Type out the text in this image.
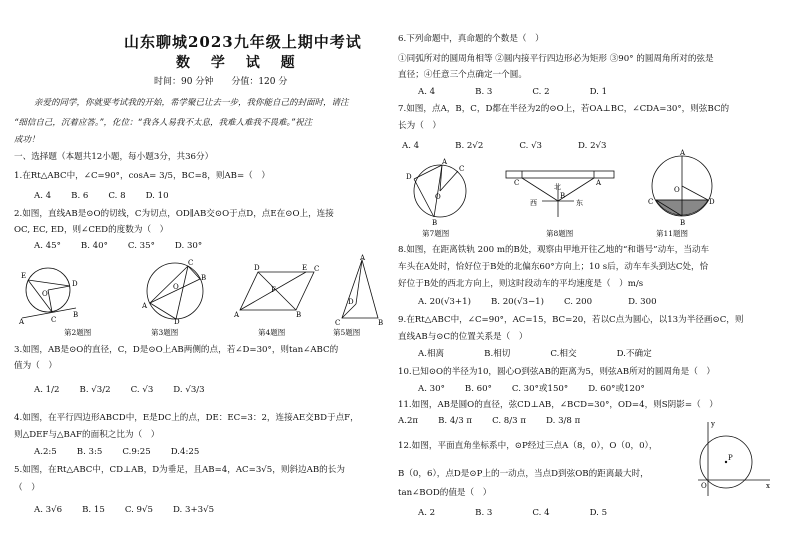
山东聊城2023九年级上期中考试
数 学 试 题
时间：90 分钟　　分值：120 分
亲爱的同学，你就要考试我的开始，希学聚已让去一步，我你能自己的封面时，请注
“细信自己，沉着应答。”，化位：“我各人易我不太息，我难人难我不畏难。”祝注
成功！
一、选择题（本题共12小题，每小题3分，共36分）
1.在Rt△ABC中，∠C=90°，cosA= 3/5，BC=8，则AB=（　）
A. 4 B. 6 C. 8 D. 10
2.如图，直线AB是⊙O的切线，C为切点，OD∥AB交⊙O于点D，点E在⊙O上，连接
OC, EC, ED，则∠CED的度数为（　）
A. 45° B. 40° C. 35° D. 30°
E
D
O
C
A
B
第2题图
A
B
C
D
O
第3题图
D	E C
F
A	B
第4题图
A
D
C	B
第5题图
3.如图，AB是⊙O的直径，C，D是⊙O上AB两侧的点，若∠D=30°，则tan∠ABC的
值为（　）
A. 1/2 B. √3/2 C. √3 D. √3/3
4.如图，在平行四边形ABCD中，E是DC上的点，DE：EC=3：2，连接AE交BD于点F，
则△DEF与△BAF的面积之比为（　）
A.2:5 B. 3:5 C.9:25 D.4:25
5.如图，在Rt△ABC中，CD⊥AB，D为垂足，且AB=4，AC=3√5，则斜边AB的长为
（　）
A. 3√6 B. 15 C. 9√5 D. 3+3√5
6.下列命题中，真命题的个数是（　）
①同弧所对的圆周角相等 ②圆内接平行四边形必为矩形 ③90° 的圆周角所对的弦是
直径；④任意三个点确定一个圆。
A. 4	B. 3	C. 2	D. 1
7.如图，点A，B，C，D都在半径为2的⊙O上，若OA⊥BC，∠CDA=30°，则弦BC的
长为（　）
A. 4	B. 2√2	C. √3	D. 2√3
D
A
C
O
B
第7题图
C	A
B
北
西	东
第8题图
A
O
C	D
B
第11题图
8.如图，在距离铁轨 200 m的B处，观察由甲地开往乙地的“和谐号”动车，当动车
车头在A处时，恰好位于B处的北偏东60°方向上；10 s后，动车车头到达C处，恰
好位于B处的西北方向上，则这时段动车的平均速度是（　）m/s
A. 20(√3+1) B. 20(√3−1) C. 200	D. 300
9.在Rt△ABC中，∠C=90°，AC=15，BC=20，若以C点为圆心，以13为半径画⊙C，则
直线AB与⊙C的位置关系是（　）
A.相离	B.相切	C.相交	D.不确定
10.已知⊙O的半径为10，圆心O到弦AB的距离为5，则弦AB所对的圆周角是（　）
A. 30° B. 60° C. 30°或150° D. 60°或120°
11.如图，AB是圆O的直径，弦CD⊥AB，∠BCD=30°，OD=4，则S阴影=（　）
A.2π B. 4/3 π C. 8/3 π D. 3/8 π
12.如图，平面直角坐标系中，⊙P经过三点A（8，0），O（0，0），
B（0，6），点D是⊙P上的一动点，当点D到弦OB的距离最大时，
tan∠BOD的值是（　）
A. 2	B. 3	C. 4	D. 5
y
x
O
P
